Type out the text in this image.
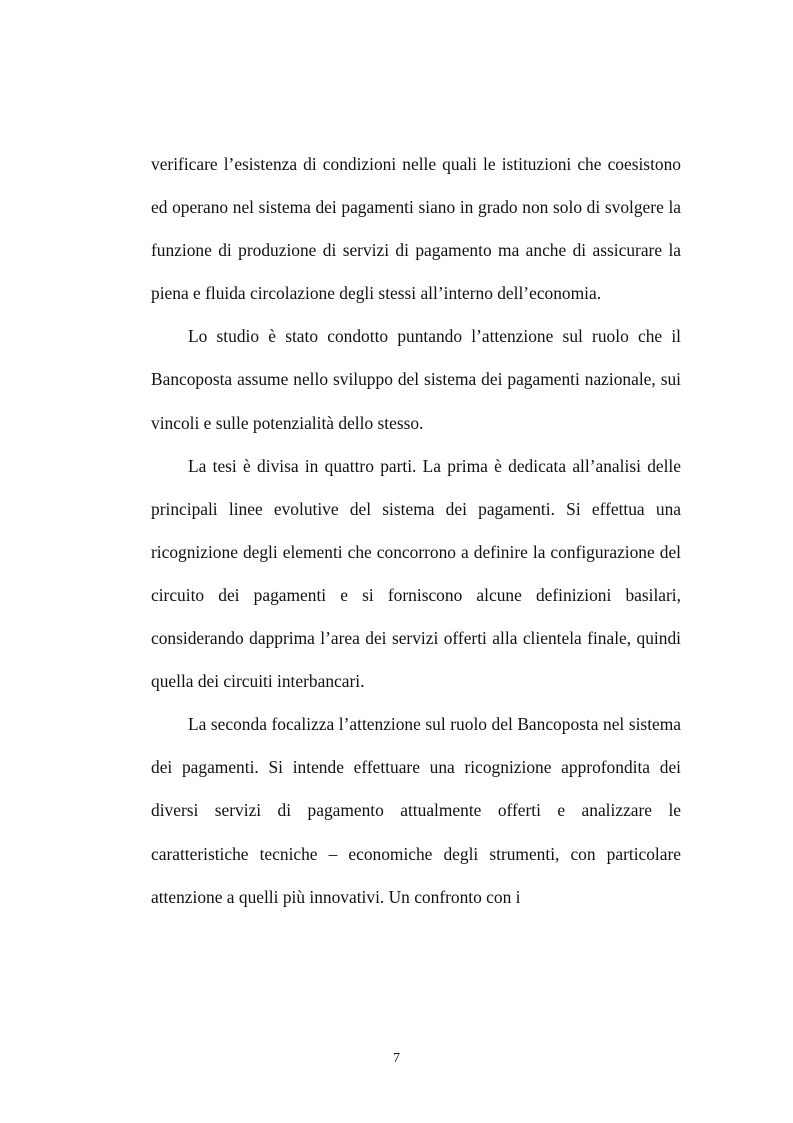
verificare l’esistenza di condizioni nelle quali le istituzioni che coesistono ed operano nel sistema dei pagamenti siano in grado non solo di svolgere la funzione di produzione di servizi di pagamento ma anche di assicurare la piena e fluida circolazione degli stessi all’interno dell’economia.

Lo studio è stato condotto puntando l’attenzione sul ruolo che il Bancoposta assume nello sviluppo del sistema dei pagamenti nazionale, sui vincoli e sulle potenzialità dello stesso.

La tesi è divisa in quattro parti. La prima è dedicata all’analisi delle principali linee evolutive del sistema dei pagamenti. Si effettua una ricognizione degli elementi che concorrono a definire la configurazione del circuito dei pagamenti e si forniscono alcune definizioni basilari, considerando dapprima l’area dei servizi offerti alla clientela finale, quindi quella dei circuiti interbancari.

La seconda focalizza l’attenzione sul ruolo del Bancoposta nel sistema dei pagamenti. Si intende effettuare una ricognizione approfondita dei diversi servizi di pagamento attualmente offerti e analizzare le caratteristiche tecniche – economiche degli strumenti, con particolare attenzione a quelli più innovativi. Un confronto con i

7
